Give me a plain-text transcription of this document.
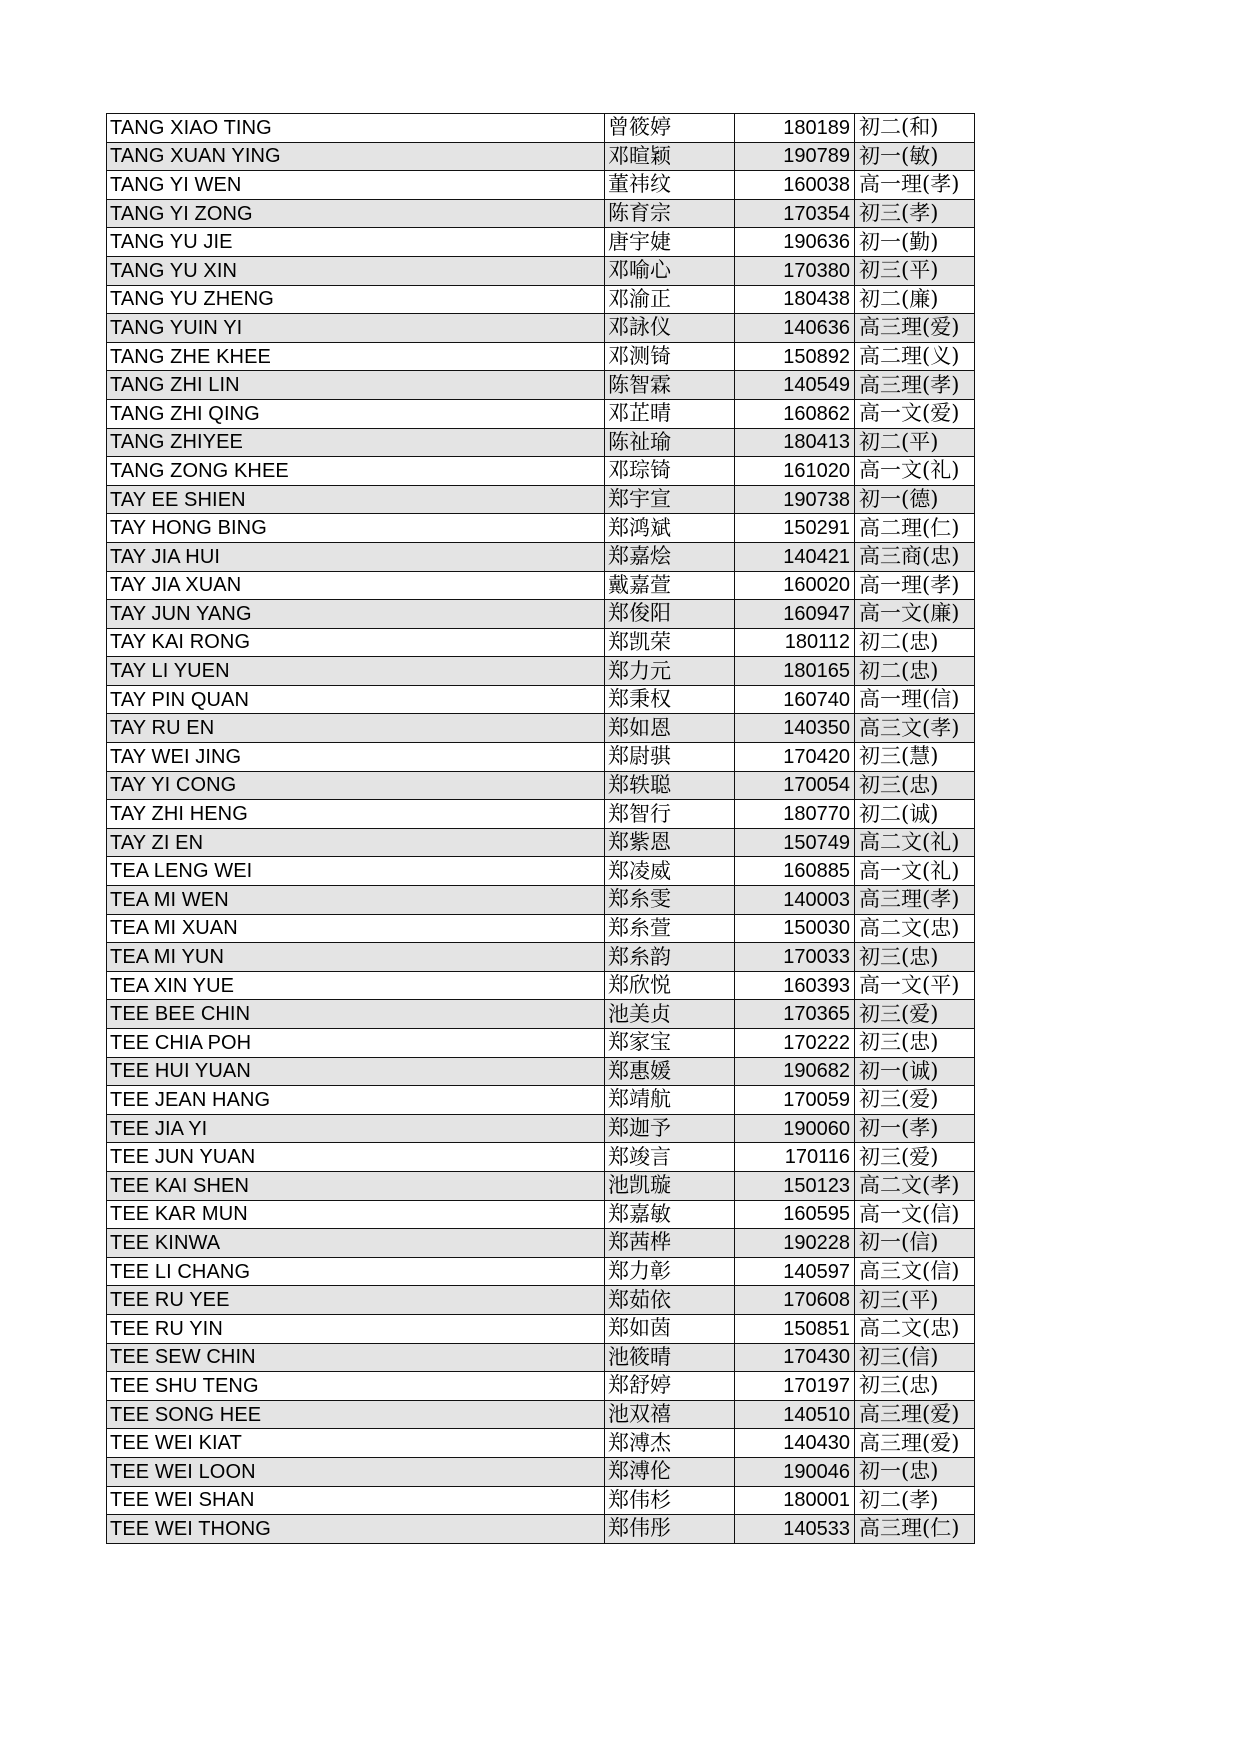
TANG XIAO TING	曾筱婷	180189	初二(和)
TANG XUAN YING	邓暄颖	190789	初一(敏)
TANG YI WEN	董祎纹	160038	高一理(孝)
TANG YI ZONG	陈育宗	170354	初三(孝)
TANG YU JIE	唐宇婕	190636	初一(勤)
TANG YU XIN	邓喻心	170380	初三(平)
TANG YU ZHENG	邓渝正	180438	初二(廉)
TANG YUIN YI	邓詠仪	140636	高三理(爱)
TANG ZHE KHEE	邓测锜	150892	高二理(义)
TANG ZHI LIN	陈智霖	140549	高三理(孝)
TANG ZHI QING	邓芷晴	160862	高一文(爱)
TANG ZHIYEE	陈祉瑜	180413	初二(平)
TANG ZONG KHEE	邓琮锜	161020	高一文(礼)
TAY EE SHIEN	郑宇宣	190738	初一(德)
TAY HONG BING	郑鸿斌	150291	高二理(仁)
TAY JIA HUI	郑嘉烩	140421	高三商(忠)
TAY JIA XUAN	戴嘉萱	160020	高一理(孝)
TAY JUN YANG	郑俊阳	160947	高一文(廉)
TAY KAI RONG	郑凯荣	180112	初二(忠)
TAY LI YUEN	郑力元	180165	初二(忠)
TAY PIN QUAN	郑秉权	160740	高一理(信)
TAY RU EN	郑如恩	140350	高三文(孝)
TAY WEI JING	郑尉骐	170420	初三(慧)
TAY YI CONG	郑轶聪	170054	初三(忠)
TAY ZHI HENG	郑智行	180770	初二(诚)
TAY ZI EN	郑紫恩	150749	高二文(礼)
TEA LENG WEI	郑凌威	160885	高一文(礼)
TEA MI WEN	郑糸雯	140003	高三理(孝)
TEA MI XUAN	郑糸萱	150030	高二文(忠)
TEA MI YUN	郑糸韵	170033	初三(忠)
TEA XIN YUE	郑欣悦	160393	高一文(平)
TEE BEE CHIN	池美贞	170365	初三(爱)
TEE CHIA POH	郑家宝	170222	初三(忠)
TEE HUI YUAN	郑惠媛	190682	初一(诚)
TEE JEAN HANG	郑靖航	170059	初三(爱)
TEE JIA YI	郑迦予	190060	初一(孝)
TEE JUN YUAN	郑竣言	170116	初三(爱)
TEE KAI SHEN	池凯璇	150123	高二文(孝)
TEE KAR MUN	郑嘉敏	160595	高一文(信)
TEE KINWA	郑茜桦	190228	初一(信)
TEE LI CHANG	郑力彰	140597	高三文(信)
TEE RU YEE	郑茹依	170608	初三(平)
TEE RU YIN	郑如茵	150851	高二文(忠)
TEE SEW CHIN	池筱晴	170430	初三(信)
TEE SHU TENG	郑舒婷	170197	初三(忠)
TEE SONG HEE	池双禧	140510	高三理(爱)
TEE WEI KIAT	郑溥杰	140430	高三理(爱)
TEE WEI LOON	郑溥伦	190046	初一(忠)
TEE WEI SHAN	郑伟杉	180001	初二(孝)
TEE WEI THONG	郑伟彤	140533	高三理(仁)
